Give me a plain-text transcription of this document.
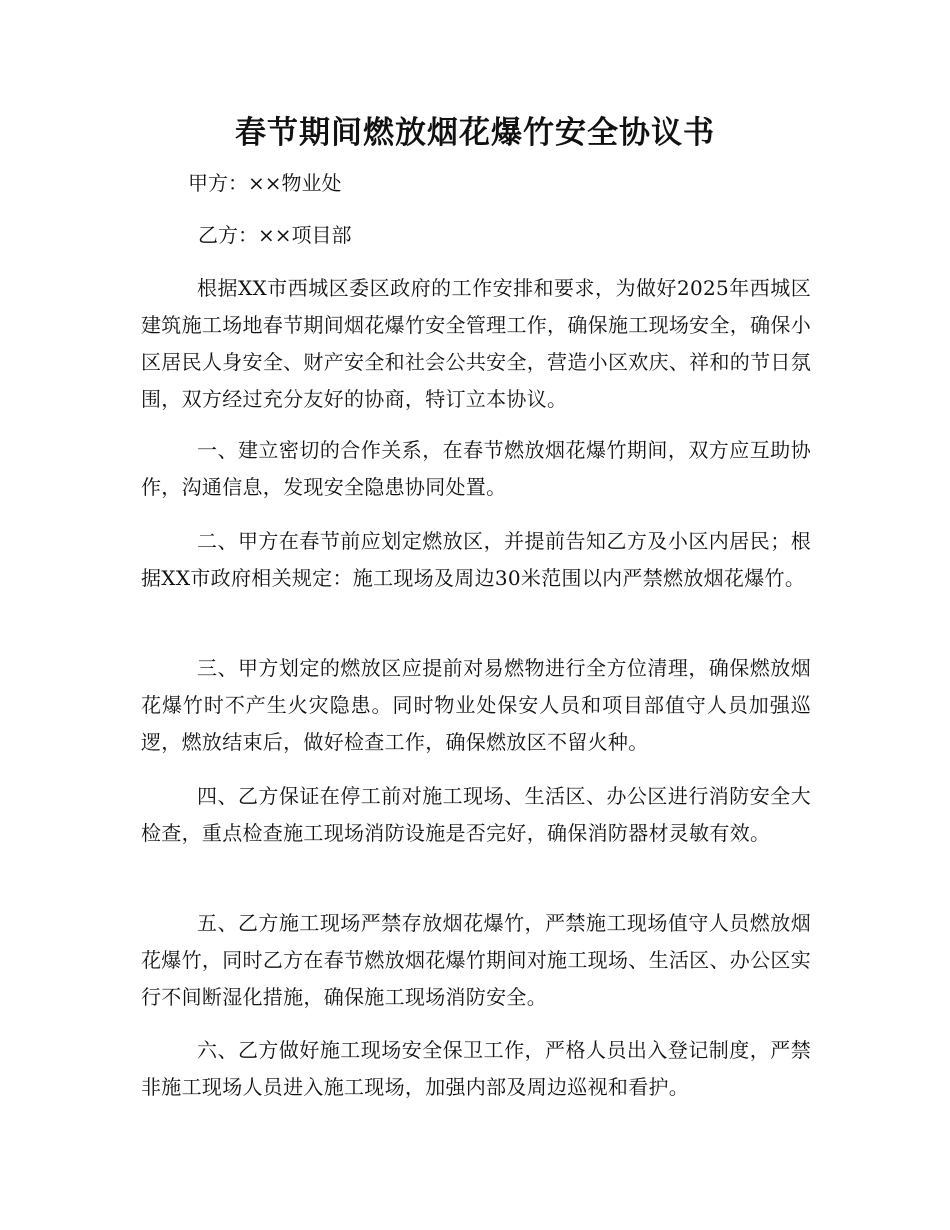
春节期间燃放烟花爆竹安全协议书

甲方：××物业处

乙方：××项目部

根据XX市西城区委区政府的工作安排和要求，为做好2025年西城区建筑施工场地春节期间烟花爆竹安全管理工作，确保施工现场安全，确保小区居民人身安全、财产安全和社会公共安全，营造小区欢庆、祥和的节日氛围，双方经过充分友好的协商，特订立本协议。

一、建立密切的合作关系，在春节燃放烟花爆竹期间，双方应互助协作，沟通信息，发现安全隐患协同处置。

二、甲方在春节前应划定燃放区，并提前告知乙方及小区内居民；根据XX市政府相关规定：施工现场及周边30米范围以内严禁燃放烟花爆竹。

三、甲方划定的燃放区应提前对易燃物进行全方位清理，确保燃放烟花爆竹时不产生火灾隐患。同时物业处保安人员和项目部值守人员加强巡逻，燃放结束后，做好检查工作，确保燃放区不留火种。

四、乙方保证在停工前对施工现场、生活区、办公区进行消防安全大检查，重点检查施工现场消防设施是否完好，确保消防器材灵敏有效。

五、乙方施工现场严禁存放烟花爆竹，严禁施工现场值守人员燃放烟花爆竹，同时乙方在春节燃放烟花爆竹期间对施工现场、生活区、办公区实行不间断湿化措施，确保施工现场消防安全。

六、乙方做好施工现场安全保卫工作，严格人员出入登记制度，严禁非施工现场人员进入施工现场，加强内部及周边巡视和看护。
